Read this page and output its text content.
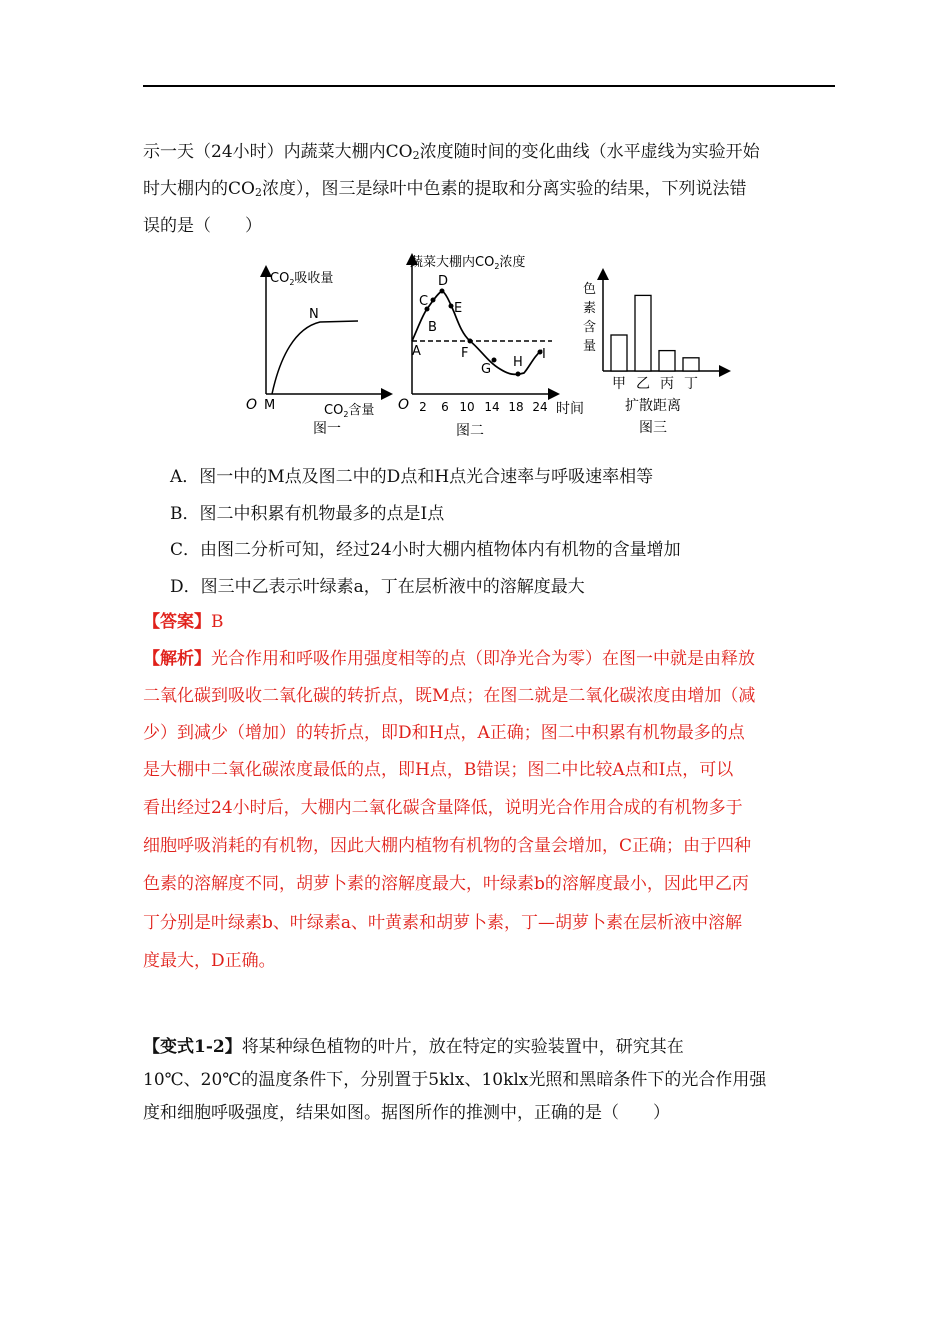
示一天（24小时）内蔬菜大棚内CO2浓度随时间的变化曲线（水平虚线为实验开始
时大棚内的CO2浓度），图三是绿叶中色素的提取和分离实验的结果，下列说法错
误的是（　　）
$CO_2$吸收量
O M
N
$CO_2$含量
图一
蔬菜大棚内$CO_2$浓度
O 2 6 10 14 18 24 时间
A
B
C
D
E
F
G H
I
图二
色
素
含
量
甲 乙 丙 丁
扩散距离
图三
A．图一中的M点及图二中的D点和H点光合速率与呼吸速率相等
B．图二中积累有机物最多的点是I点
C．由图二分析可知，经过24小时大棚内植物体内有机物的含量增加
D．图三中乙表示叶绿素a，丁在层析液中的溶解度最大
【答案】B
【解析】光合作用和呼吸作用强度相等的点（即净光合为零）在图一中就是由释放
二氧化碳到吸收二氧化碳的转折点，既M点；在图二就是二氧化碳浓度由增加（减
少）到减少（增加）的转折点，即D和H点，A正确；图二中积累有机物最多的点
是大棚中二氧化碳浓度最低的点，即H点，B错误；图二中比较A点和I点，可以
看出经过24小时后，大棚内二氧化碳含量降低，说明光合作用合成的有机物多于
细胞呼吸消耗的有机物，因此大棚内植物有机物的含量会增加，C正确；由于四种
色素的溶解度不同，胡萝卜素的溶解度最大，叶绿素b的溶解度最小，因此甲乙丙
丁分别是叶绿素b、叶绿素a、叶黄素和胡萝卜素，丁—胡萝卜素在层析液中溶解
度最大，D正确。
【变式1-2】将某种绿色植物的叶片，放在特定的实验装置中，研究其在
10℃、20℃的温度条件下，分别置于5klx、10klx光照和黑暗条件下的光合作用强
度和细胞呼吸强度，结果如图。据图所作的推测中，正确的是（　　）
